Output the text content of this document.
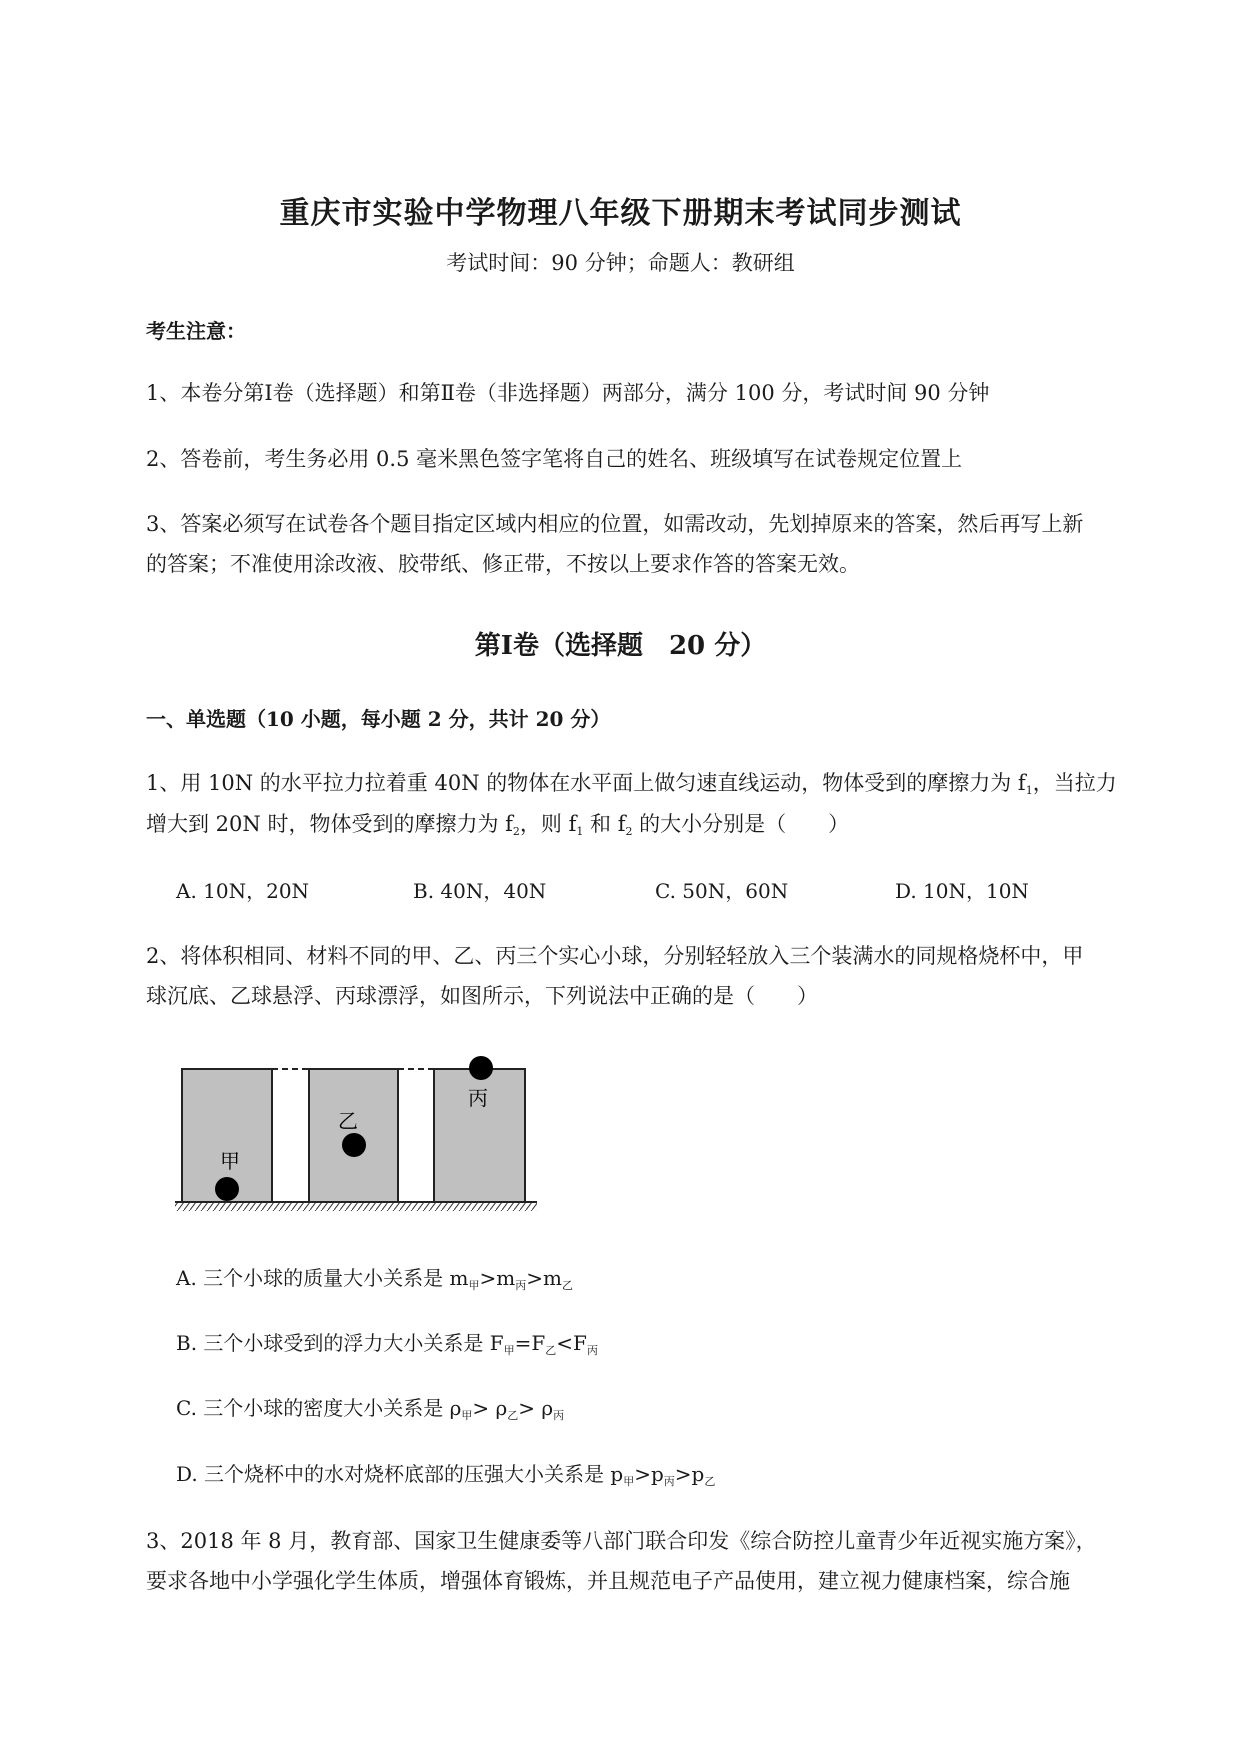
重庆市实验中学物理八年级下册期末考试同步测试
考试时间：90 分钟；命题人：教研组
考生注意：
1、本卷分第Ⅰ卷（选择题）和第Ⅱ卷（非选择题）两部分，满分 100 分，考试时间 90 分钟
2、答卷前，考生务必用 0.5 毫米黑色签字笔将自己的姓名、班级填写在试卷规定位置上
3、答案必须写在试卷各个题目指定区域内相应的位置，如需改动，先划掉原来的答案，然后再写上新
的答案；不准使用涂改液、胶带纸、修正带，不按以上要求作答的答案无效。
第Ⅰ卷（选择题　20 分）
一、单选题（10 小题，每小题 2 分，共计 20 分）
1、用 10N 的水平拉力拉着重 40N 的物体在水平面上做匀速直线运动，物体受到的摩擦力为 $f_1$，当拉力
增大到 20N 时，物体受到的摩擦力为 $f_2$，则 $f_1$ 和 $f_2$ 的大小分别是（　　）
A. 10N，20N	B. 40N，40N	C. 50N，60N	D. 10N，10N
2、将体积相同、材料不同的甲、乙、丙三个实心小球，分别轻轻放入三个装满水的同规格烧杯中，甲
球沉底、乙球悬浮、丙球漂浮，如图所示，下列说法中正确的是（　　）
甲
乙
丙
A. 三个小球的质量大小关系是 $m_甲>m_丙>m_乙$
B. 三个小球受到的浮力大小关系是 $F_甲=F_乙<F_丙$
C. 三个小球的密度大小关系是 $\rho_甲> \rho_乙> \rho_丙$
D. 三个烧杯中的水对烧杯底部的压强大小关系是 $p_甲>p_丙>p_乙$
3、2018 年 8 月，教育部、国家卫生健康委等八部门联合印发《综合防控儿童青少年近视实施方案》，
要求各地中小学强化学生体质，增强体育锻炼，并且规范电子产品使用，建立视力健康档案，综合施
